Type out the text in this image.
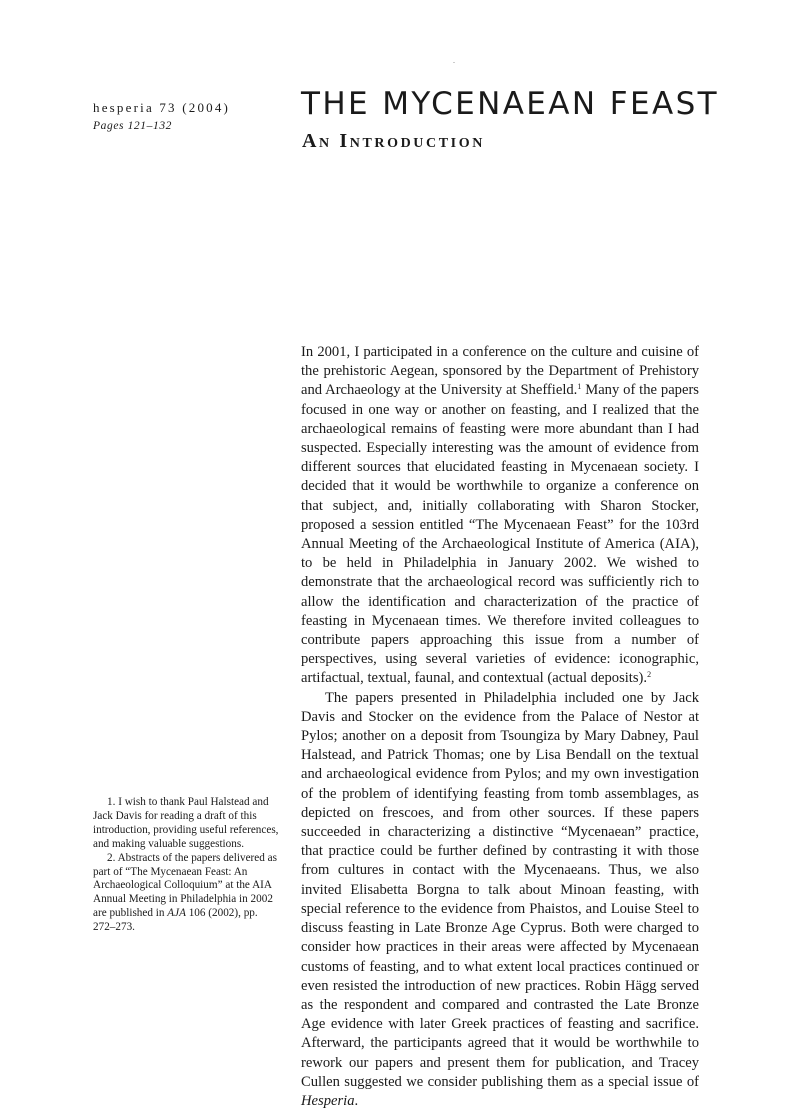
hesperia 73 (2004)
Pages 121–132
THE MYCENAEAN FEAST
An Introduction

In 2001, I participated in a conference on the culture and cuisine of the prehistoric Aegean, sponsored by the Department of Prehistory and Archaeology at the University at Sheffield.$^1$ Many of the papers focused in one way or another on feasting, and I realized that the archaeological remains of feasting were more abundant than I had suspected. Especially interesting was the amount of evidence from different sources that elucidated feasting in Mycenaean society. I decided that it would be worthwhile to organize a conference on that subject, and, initially collaborating with Sharon Stocker, proposed a session entitled “The Mycenaean Feast” for the 103rd Annual Meeting of the Archaeological Institute of America (AIA), to be held in Philadelphia in January 2002. We wished to demonstrate that the archaeological record was sufficiently rich to allow the identification and characterization of the practice of feasting in Mycenaean times. We therefore invited colleagues to contribute papers approaching this issue from a number of perspectives, using several varieties of evidence: iconographic, artifactual, textual, faunal, and contextual (actual deposits).$^2$

The papers presented in Philadelphia included one by Jack Davis and Stocker on the evidence from the Palace of Nestor at Pylos; another on a deposit from Tsoungiza by Mary Dabney, Paul Halstead, and Patrick Thomas; one by Lisa Bendall on the textual and archaeological evidence from Pylos; and my own investigation of the problem of identifying feasting from tomb assemblages, as depicted on frescoes, and from other sources. If these papers succeeded in characterizing a distinctive “Mycenaean” practice, that practice could be further defined by contrasting it with those from cultures in contact with the Mycenaeans. Thus, we also invited Elisabetta Borgna to talk about Minoan feasting, with special reference to the evidence from Phaistos, and Louise Steel to discuss feasting in Late Bronze Age Cyprus. Both were charged to consider how practices in their areas were affected by Mycenaean customs of feasting, and to what extent local practices continued or even resisted the introduction of new practices. Robin Hägg served as the respondent and compared and contrasted the Late Bronze Age evidence with later Greek practices of feasting and sacrifice. Afterward, the participants agreed that it would be worthwhile to rework our papers and present them for publication, and Tracey Cullen suggested we consider publishing them as a special issue of Hesperia.

1. I wish to thank Paul Halstead and Jack Davis for reading a draft of this introduction, providing useful references, and making valuable suggestions.

2. Abstracts of the papers delivered as part of “The Mycenaean Feast: An Archaeological Colloquium” at the AIA Annual Meeting in Philadelphia in 2002 are published in AJA 106 (2002), pp. 272–273.
